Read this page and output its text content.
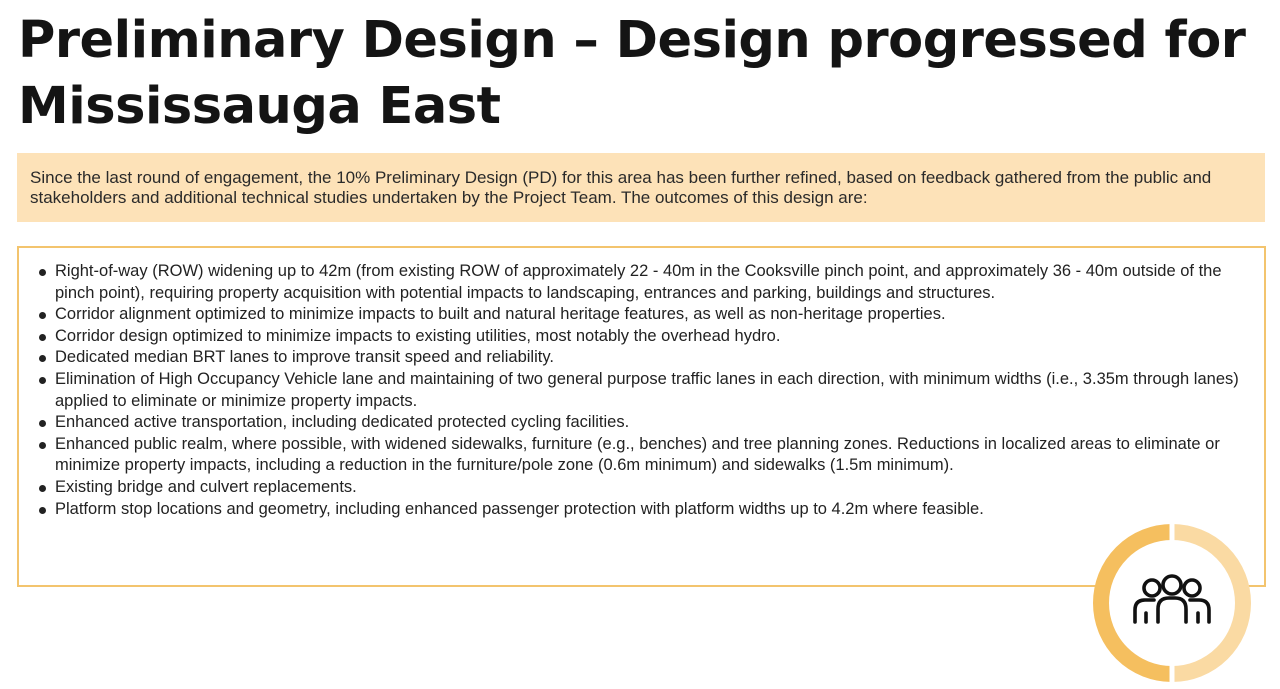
Preliminary Design – Design progressed for Mississauga East

Since the last round of engagement, the 10% Preliminary Design (PD) for this area has been further refined, based on feedback gathered from the public and stakeholders and additional technical studies undertaken by the Project Team. The outcomes of this design are:

Right-of-way (ROW) widening up to 42m (from existing ROW of approximately 22 - 40m in the Cooksville pinch point, and approximately 36 - 40m outside of the pinch point), requiring property acquisition with potential impacts to landscaping, entrances and parking, buildings and structures.
Corridor alignment optimized to minimize impacts to built and natural heritage features, as well as non-heritage properties.
Corridor design optimized to minimize impacts to existing utilities, most notably the overhead hydro.
Dedicated median BRT lanes to improve transit speed and reliability.
Elimination of High Occupancy Vehicle lane and maintaining of two general purpose traffic lanes in each direction, with minimum widths (i.e., 3.35m through lanes) applied to eliminate or minimize property impacts.
Enhanced active transportation, including dedicated protected cycling facilities.
Enhanced public realm, where possible, with widened sidewalks, furniture (e.g., benches) and tree planning zones. Reductions in localized areas to eliminate or minimize property impacts, including a reduction in the furniture/pole zone (0.6m minimum) and sidewalks (1.5m minimum).
Existing bridge and culvert replacements.
Platform stop locations and geometry, including enhanced passenger protection with platform widths up to 4.2m where feasible.
